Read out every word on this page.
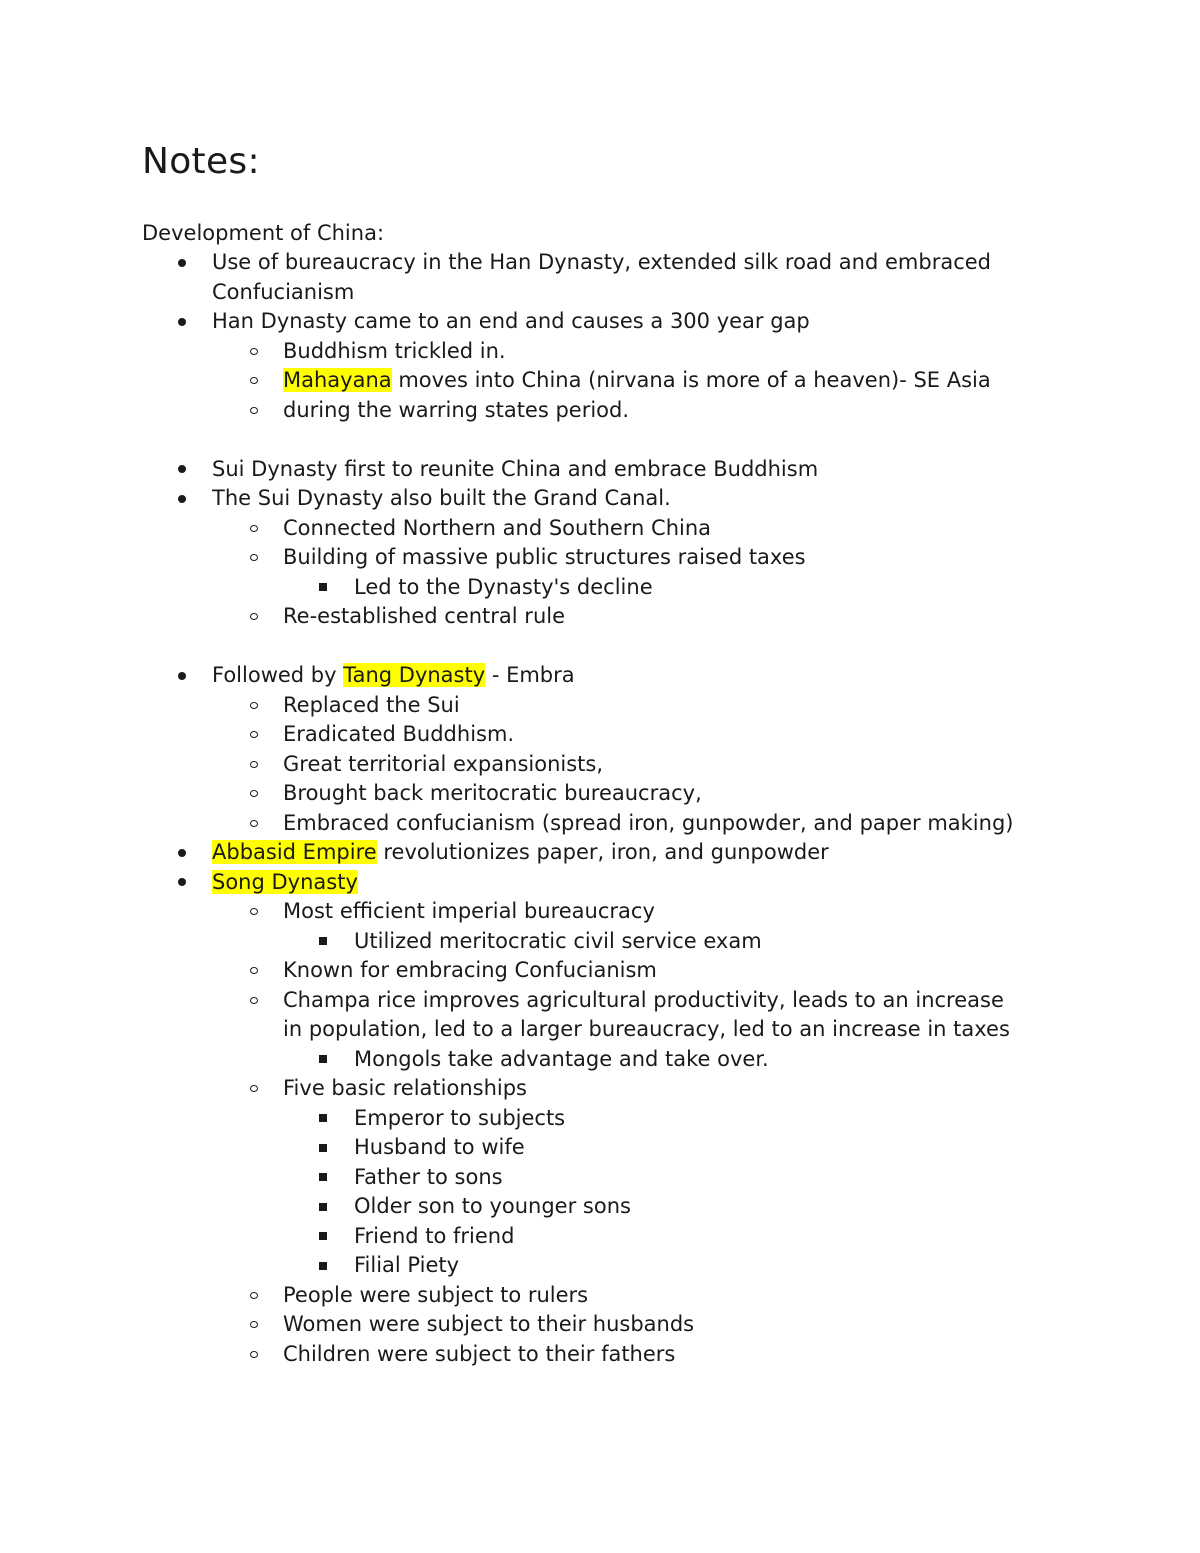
Notes:

Development of China:

Use of bureaucracy in the Han Dynasty, extended silk road and embraced
Confucianism
Han Dynasty came to an end and causes a 300 year gap
Buddhism trickled in.
Mahayana moves into China (nirvana is more of a heaven)- SE Asia
during the warring states period.
Sui Dynasty first to reunite China and embrace Buddhism
The Sui Dynasty also built the Grand Canal.
Connected Northern and Southern China
Building of massive public structures raised taxes
Led to the Dynasty's decline
Re-established central rule
Followed by Tang Dynasty - Embra
Replaced the Sui
Eradicated Buddhism.
Great territorial expansionists,
Brought back meritocratic bureaucracy,
Embraced confucianism (spread iron, gunpowder, and paper making)
Abbasid Empire revolutionizes paper, iron, and gunpowder
Song Dynasty
Most efficient imperial bureaucracy
Utilized meritocratic civil service exam
Known for embracing Confucianism
Champa rice improves agricultural productivity, leads to an increase
in population, led to a larger bureaucracy, led to an increase in taxes
Mongols take advantage and take over.
Five basic relationships
Emperor to subjects
Husband to wife
Father to sons
Older son to younger sons
Friend to friend
Filial Piety
People were subject to rulers
Women were subject to their husbands
Children were subject to their fathers
